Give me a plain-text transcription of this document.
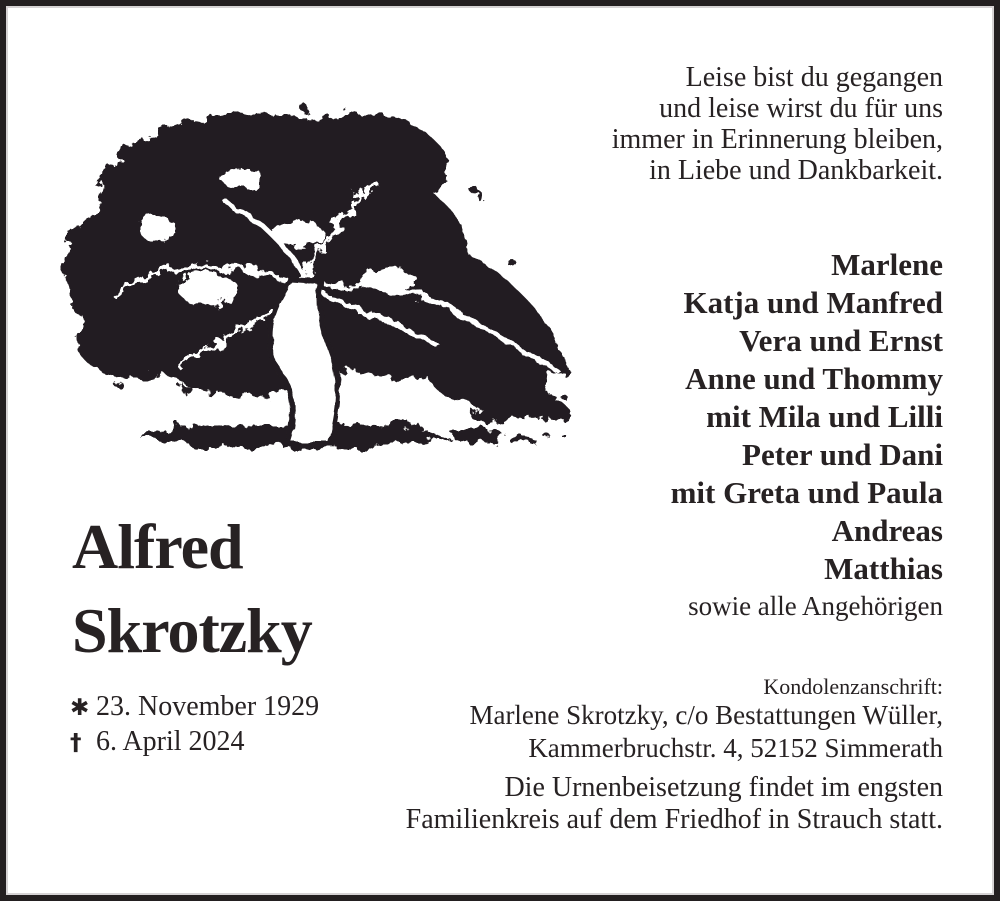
Leise bist du gegangen
und leise wirst du für uns
immer in Erinnerung bleiben,
in Liebe und Dankbarkeit.
Marlene
Katja und Manfred
Vera und Ernst
Anne und Thommy
mit Mila und Lilli
Peter und Dani
mit Greta und Paula
Andreas
Matthias
sowie alle Angehörigen
Alfred
Skrotzky
✱ 23. November 1929
† 6. April 2024
Kondolenzanschrift:
Marlene Skrotzky, c/o Bestattungen Wüller,
Kammerbruchstr. 4, 52152 Simmerath
Die Urnenbeisetzung findet im engsten
Familienkreis auf dem Friedhof in Strauch statt.
